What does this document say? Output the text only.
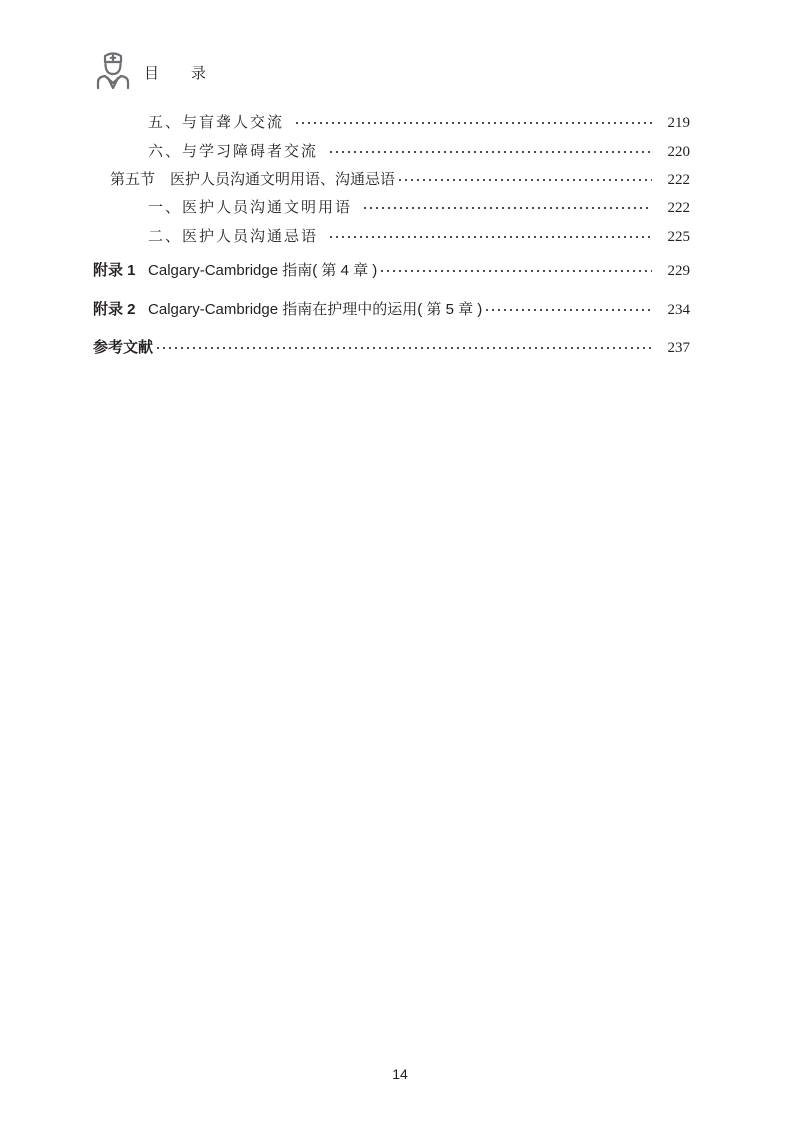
目 录
五、与盲聋人交流	219
六、与学习障碍者交流	220
第五节　医护人员沟通文明用语、沟通忌语	222
一、医护人员沟通文明用语	222
二、医护人员沟通忌语	225
附录 1 Calgary-Cambridge 指南( 第 4 章 )	229
附录 2 Calgary-Cambridge 指南在护理中的运用( 第 5 章 )	234
参考文献	237
14
